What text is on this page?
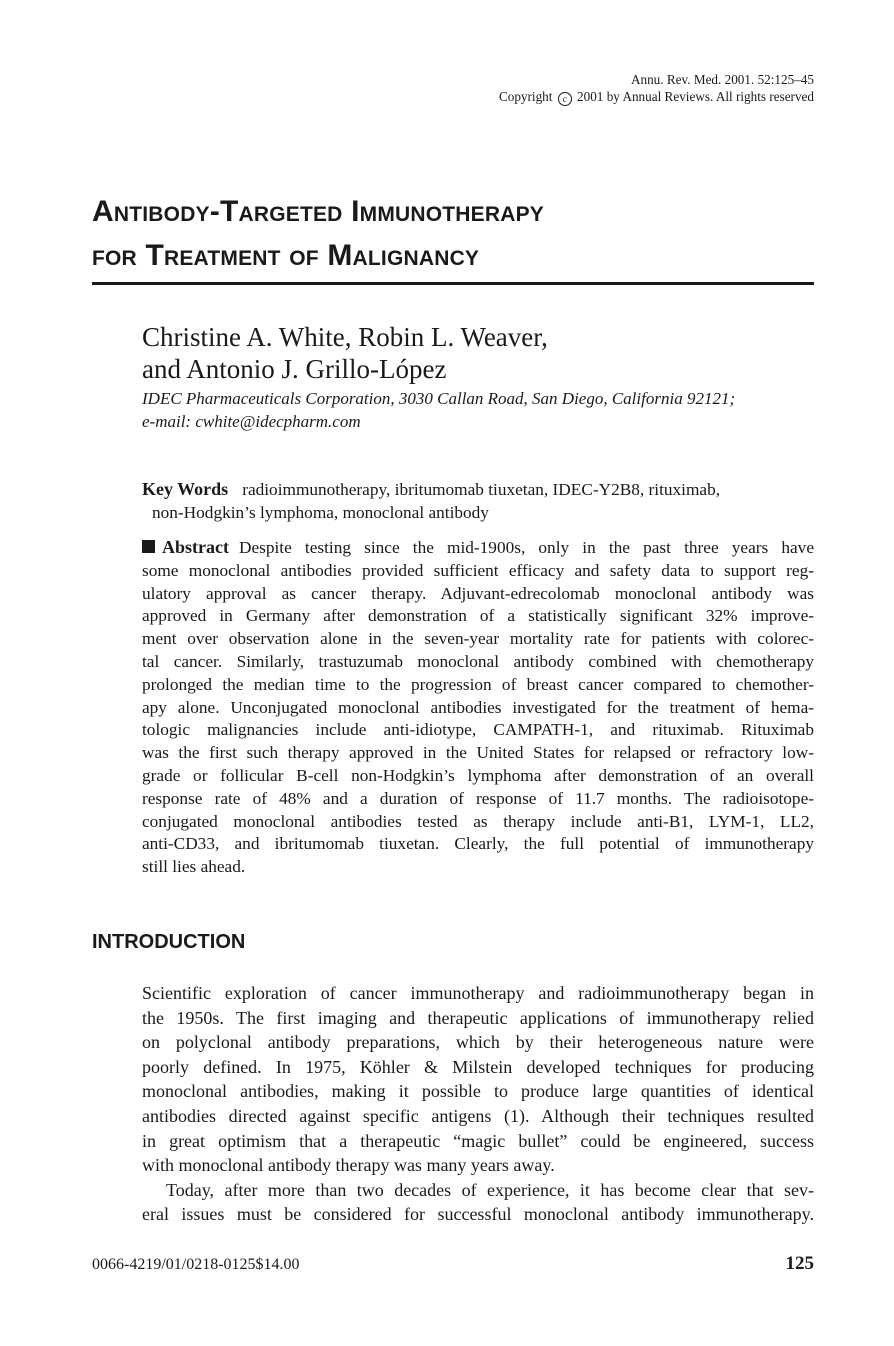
Annu. Rev. Med. 2001. 52:125–45
Copyright c 2001 by Annual Reviews. All rights reserved
Antibody-Targeted Immunotherapy
for Treatment of Malignancy
Christine A. White, Robin L. Weaver,
and Antonio J. Grillo-López
IDEC Pharmaceuticals Corporation, 3030 Callan Road, San Diego, California 92121;
e-mail: cwhite@idecpharm.com
Key Words radioimmunotherapy, ibritumomab tiuxetan, IDEC-Y2B8, rituximab,
non-Hodgkin’s lymphoma, monoclonal antibody
Abstract Despite testing since the mid-1900s, only in the past three years have
some monoclonal antibodies provided sufficient efficacy and safety data to support reg-
ulatory approval as cancer therapy. Adjuvant-edrecolomab monoclonal antibody was
approved in Germany after demonstration of a statistically significant 32% improve-
ment over observation alone in the seven-year mortality rate for patients with colorec-
tal cancer. Similarly, trastuzumab monoclonal antibody combined with chemotherapy
prolonged the median time to the progression of breast cancer compared to chemother-
apy alone. Unconjugated monoclonal antibodies investigated for the treatment of hema-
tologic malignancies include anti-idiotype, CAMPATH-1, and rituximab. Rituximab
was the first such therapy approved in the United States for relapsed or refractory low-
grade or follicular B-cell non-Hodgkin’s lymphoma after demonstration of an overall
response rate of 48% and a duration of response of 11.7 months. The radioisotope-
conjugated monoclonal antibodies tested as therapy include anti-B1, LYM-1, LL2,
anti-CD33, and ibritumomab tiuxetan. Clearly, the full potential of immunotherapy
still lies ahead.
INTRODUCTION
Scientific exploration of cancer immunotherapy and radioimmunotherapy began in
the 1950s. The first imaging and therapeutic applications of immunotherapy relied
on polyclonal antibody preparations, which by their heterogeneous nature were
poorly defined. In 1975, Köhler & Milstein developed techniques for producing
monoclonal antibodies, making it possible to produce large quantities of identical
antibodies directed against specific antigens (1). Although their techniques resulted
in great optimism that a therapeutic “magic bullet” could be engineered, success
with monoclonal antibody therapy was many years away.
Today, after more than two decades of experience, it has become clear that sev-
eral issues must be considered for successful monoclonal antibody immunotherapy.
0066-4219/01/0218-0125$14.00	125
